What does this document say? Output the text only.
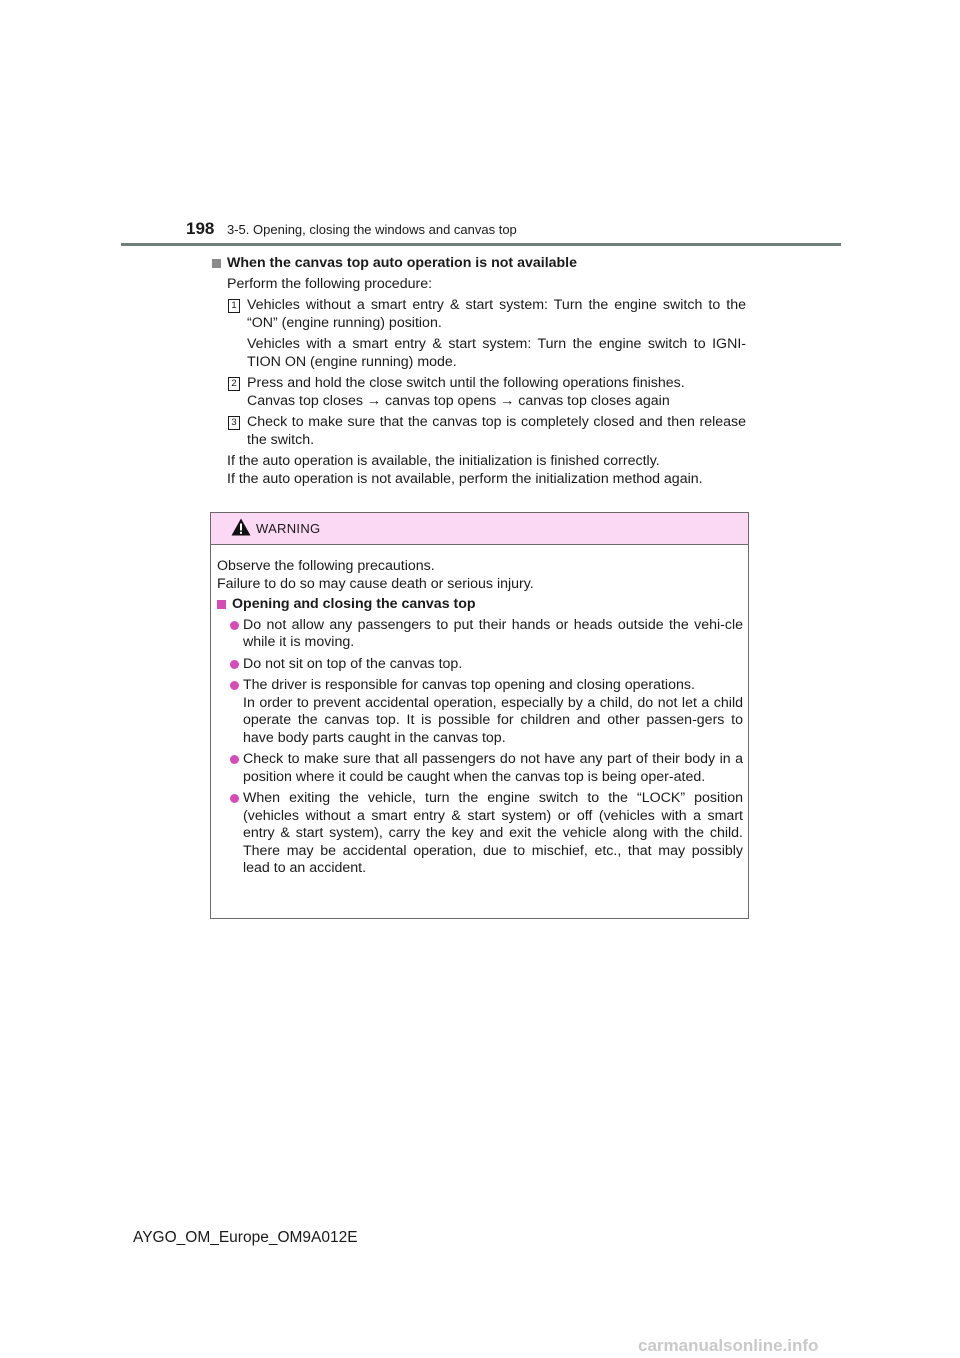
198 3-5. Opening, closing the windows and canvas top
When the canvas top auto operation is not available
Perform the following procedure:
1 Vehicles without a smart entry & start system: Turn the engine switch to the “ON” (engine running) position.
Vehicles with a smart entry & start system: Turn the engine switch to IGNI-TION ON (engine running) mode.
2 Press and hold the close switch until the following operations finishes.
Canvas top closes → canvas top opens → canvas top closes again
3 Check to make sure that the canvas top is completely closed and then release the switch.
If the auto operation is available, the initialization is finished correctly.
If the auto operation is not available, perform the initialization method again.
WARNING
Observe the following precautions.
Failure to do so may cause death or serious injury.
Opening and closing the canvas top
Do not allow any passengers to put their hands or heads outside the vehi-cle while it is moving.
Do not sit on top of the canvas top.
The driver is responsible for canvas top opening and closing operations.
In order to prevent accidental operation, especially by a child, do not let a child operate the canvas top. It is possible for children and other passen-gers to have body parts caught in the canvas top.
Check to make sure that all passengers do not have any part of their body in a position where it could be caught when the canvas top is being oper-ated.
When exiting the vehicle, turn the engine switch to the “LOCK” position (vehicles without a smart entry & start system) or off (vehicles with a smart entry & start system), carry the key and exit the vehicle along with the child. There may be accidental operation, due to mischief, etc., that may possibly lead to an accident.
AYGO_OM_Europe_OM9A012E
carmanualsonline.info
